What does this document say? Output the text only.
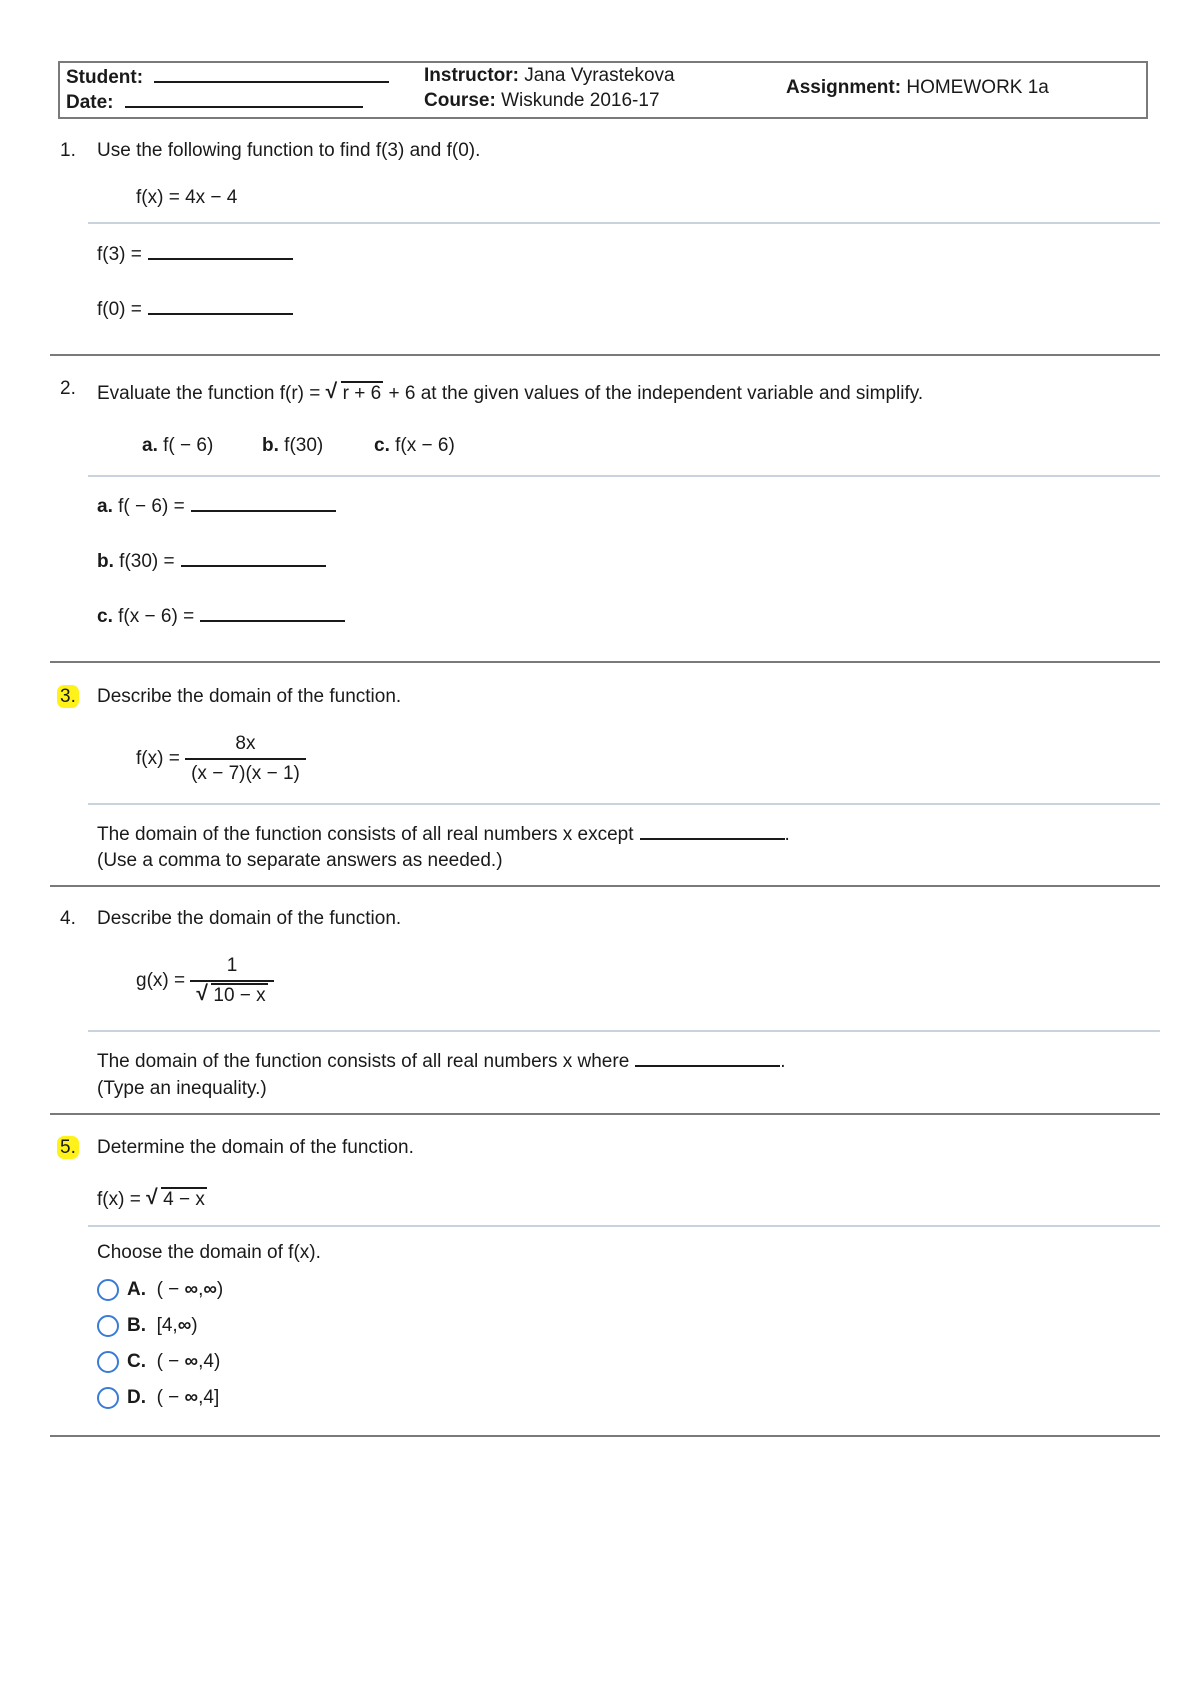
Student:
Date:
Instructor: Jana Vyrastekova
Course: Wiskunde 2016-17
Assignment: HOMEWORK 1a
1. Use the following function to find f(3) and f(0).
f(x) = 4x − 4
f(3) =
f(0) =
2. Evaluate the function f(r) = √ r + 6 + 6 at the given values of the independent variable and simplify.
a. f( − 6)	b. f(30)	c. f(x − 6)
a. f( − 6) =
b. f(30) =
c. f(x − 6) =
3. Describe the domain of the function.
$f(x) = \frac{8x}{(x - 7)(x - 1)}$
The domain of the function consists of all real numbers x except	.
(Use a comma to separate answers as needed.)
4. Describe the domain of the function.
$g(x) = \frac{1}{√ 10 - x}$
The domain of the function consists of all real numbers x where	.
(Type an inequality.)
5. Determine the domain of the function.
f(x) = √ 4 − x
Choose the domain of f(x).
A. ( − ∞,∞)
B. [4,∞)
C. ( − ∞,4)
D. ( − ∞,4]
